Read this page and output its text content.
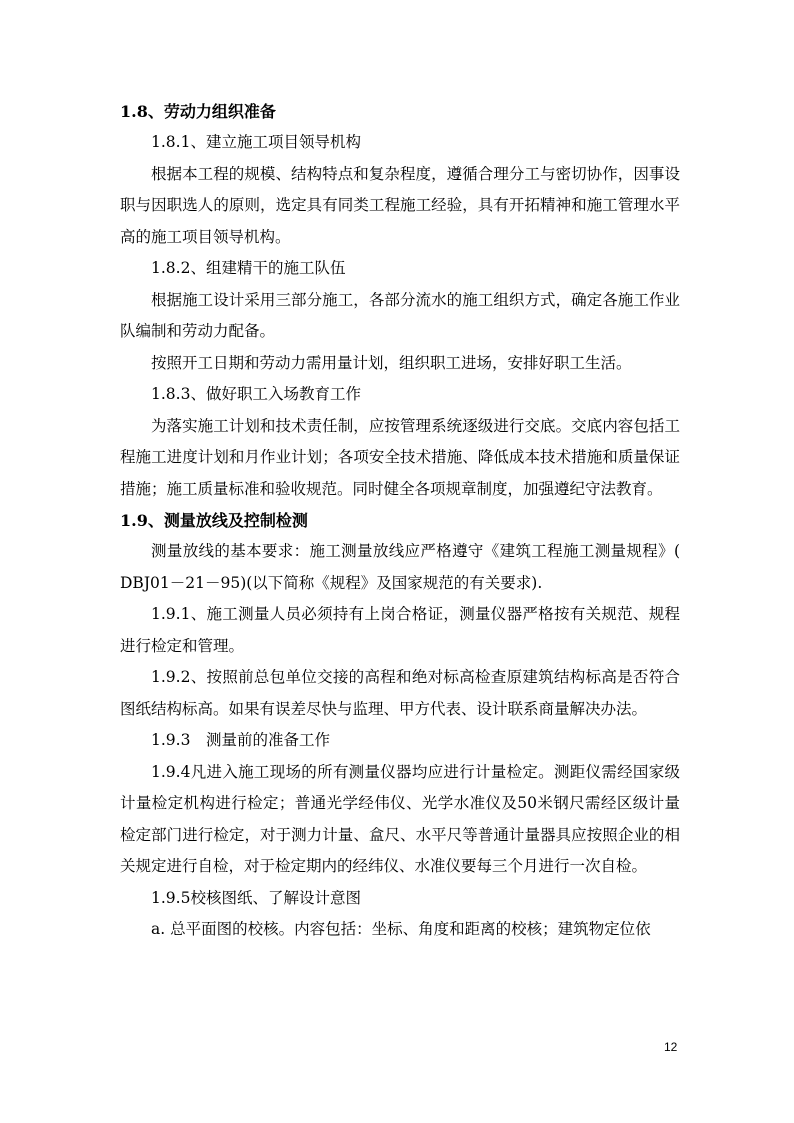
1.8、劳动力组织准备

1.8.1、建立施工项目领导机构

根据本工程的规模、结构特点和复杂程度，遵循合理分工与密切协作，因事设职与因职选人的原则，选定具有同类工程施工经验，具有开拓精神和施工管理水平高的施工项目领导机构。

1.8.2、组建精干的施工队伍

根据施工设计采用三部分施工，各部分流水的施工组织方式，确定各施工作业队编制和劳动力配备。

按照开工日期和劳动力需用量计划，组织职工进场，安排好职工生活。

1.8.3、做好职工入场教育工作

为落实施工计划和技术责任制，应按管理系统逐级进行交底。交底内容包括工程施工进度计划和月作业计划；各项安全技术措施、降低成本技术措施和质量保证措施；施工质量标准和验收规范。同时健全各项规章制度，加强遵纪守法教育。

1.9、测量放线及控制检测

测量放线的基本要求：施工测量放线应严格遵守《建筑工程施工测量规程》( DBJ01－21－95)(以下简称《规程》及国家规范的有关要求).

1.9.1、施工测量人员必须持有上岗合格证，测量仪器严格按有关规范、规程进行检定和管理。

1.9.2、按照前总包单位交接的高程和绝对标高检查原建筑结构标高是否符合图纸结构标高。如果有误差尽快与监理、甲方代表、设计联系商量解决办法。

1.9.3　测量前的准备工作

1.9.4凡进入施工现场的所有测量仪器均应进行计量检定。测距仪需经国家级计量检定机构进行检定；普通光学经伟仪、光学水准仪及50米钢尺需经区级计量检定部门进行检定，对于测力计量、盒尺、水平尺等普通计量器具应按照企业的相关规定进行自检，对于检定期内的经纬仪、水准仪要每三个月进行一次自检。

1.9.5校核图纸、了解设计意图

a. 总平面图的校核。内容包括：坐标、角度和距离的校核；建筑物定位依

12
